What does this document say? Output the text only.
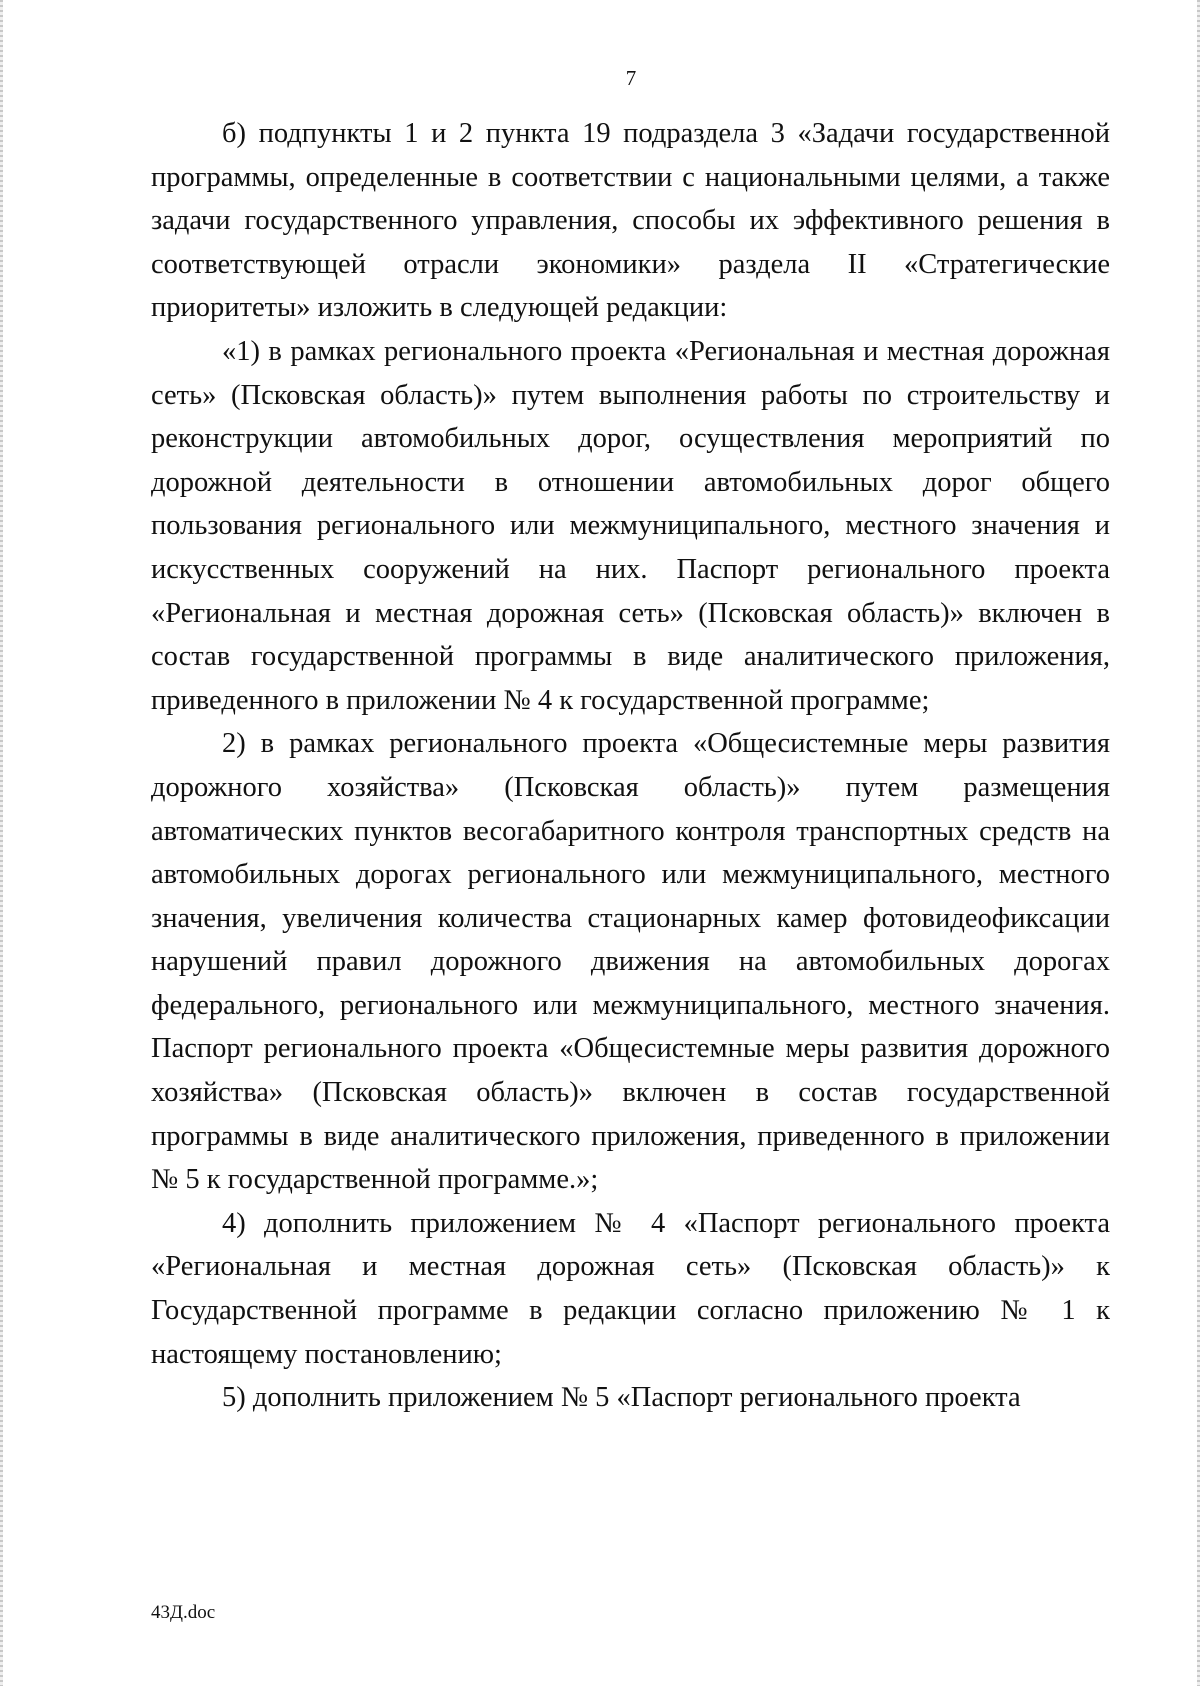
7

б) подпункты 1 и 2 пункта 19 подраздела 3 «Задачи государственной программы, определенные в соответствии с национальными целями, а также задачи государственного управления, способы их эффективного решения в соответствующей отрасли экономики» раздела II «Стратегические приоритеты» изложить в следующей редакции:

«1) в рамках регионального проекта «Региональная и местная дорожная сеть» (Псковская область)» путем выполнения работы по строительству и реконструкции автомобильных дорог, осуществления мероприятий по дорожной деятельности в отношении автомобильных дорог общего пользования регионального или межмуниципального, местного значения и искусственных сооружений на них. Паспорт регионального проекта «Региональная и местная дорожная сеть» (Псковская область)» включен в состав государственной программы в виде аналитического приложения, приведенного в приложении № 4 к государственной программе;

2) в рамках регионального проекта «Общесистемные меры развития дорожного хозяйства» (Псковская область)» путем размещения автоматических пунктов весогабаритного контроля транспортных средств на автомобильных дорогах регионального или межмуниципального, местного значения, увеличения количества стационарных камер фотовидеофиксации нарушений правил дорожного движения на автомобильных дорогах федерального, регионального или межмуниципального, местного значения. Паспорт регионального проекта «Общесистемные меры развития дорожного хозяйства» (Псковская область)» включен в состав государственной программы в виде аналитического приложения, приведенного в приложении № 5 к государственной программе.»;

4) дополнить приложением № 4 «Паспорт регионального проекта «Региональная и местная дорожная сеть» (Псковская область)» к Государственной программе в редакции согласно приложению № 1 к настоящему постановлению;

5) дополнить приложением № 5 «Паспорт регионального проекта

43Д.doc
